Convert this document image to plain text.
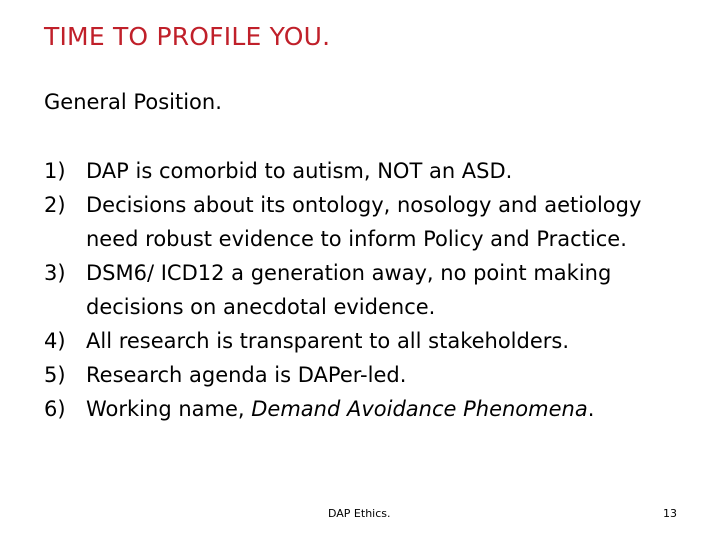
TIME TO PROFILE YOU.
General Position.
1) DAP is comorbid to autism, NOT an ASD.
2) Decisions about its ontology, nosology and aetiology need robust evidence to inform Policy and Practice.
3) DSM6/ ICD12 a generation away, no point making decisions on anecdotal evidence.
4) All research is transparent to all stakeholders.
5) Research agenda is DAPer-led.
6) Working name, Demand Avoidance Phenomena.
DAP Ethics.	13
